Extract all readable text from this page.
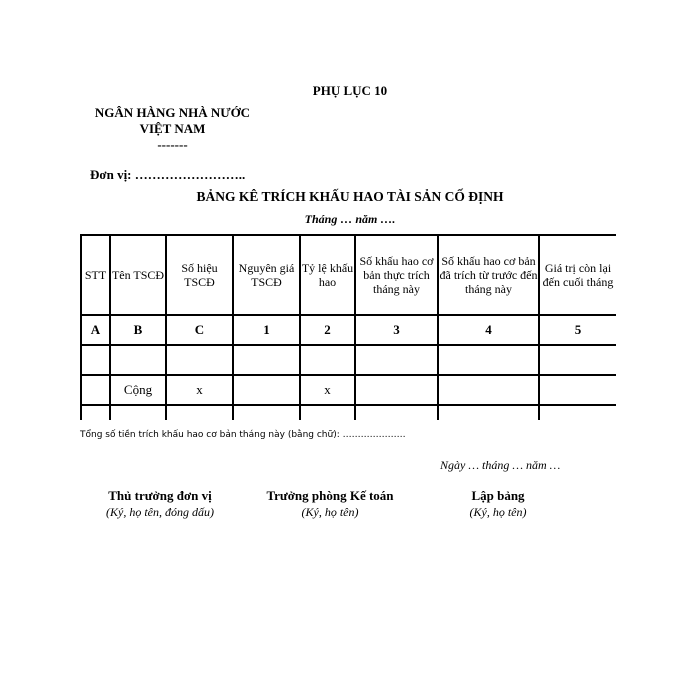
PHỤ LỤC 10
NGÂN HÀNG NHÀ NƯỚC
VIỆT NAM
-------
Đơn vị: ……………………..
BẢNG KÊ TRÍCH KHẤU HAO TÀI SẢN CỐ ĐỊNH
Tháng … năm ….
STT	Tên TSCĐ	Số hiệu TSCĐ	Nguyên giá TSCĐ	Tỷ lệ khấu hao	Số khấu hao cơ bản thực trích tháng này	Số khấu hao cơ bản đã trích từ trước đến tháng này	Giá trị còn lại đến cuối tháng
A	B	C	1	2	3	4	5

	Cộng	x		x			

Tổng số tiền trích khấu hao cơ bản tháng này (bằng chữ): …………………
Ngày … tháng … năm …
Thủ trưởng đơn vị
(Ký, họ tên, đóng dấu)
Trưởng phòng Kế toán
(Ký, họ tên)
Lập bảng
(Ký, họ tên)
